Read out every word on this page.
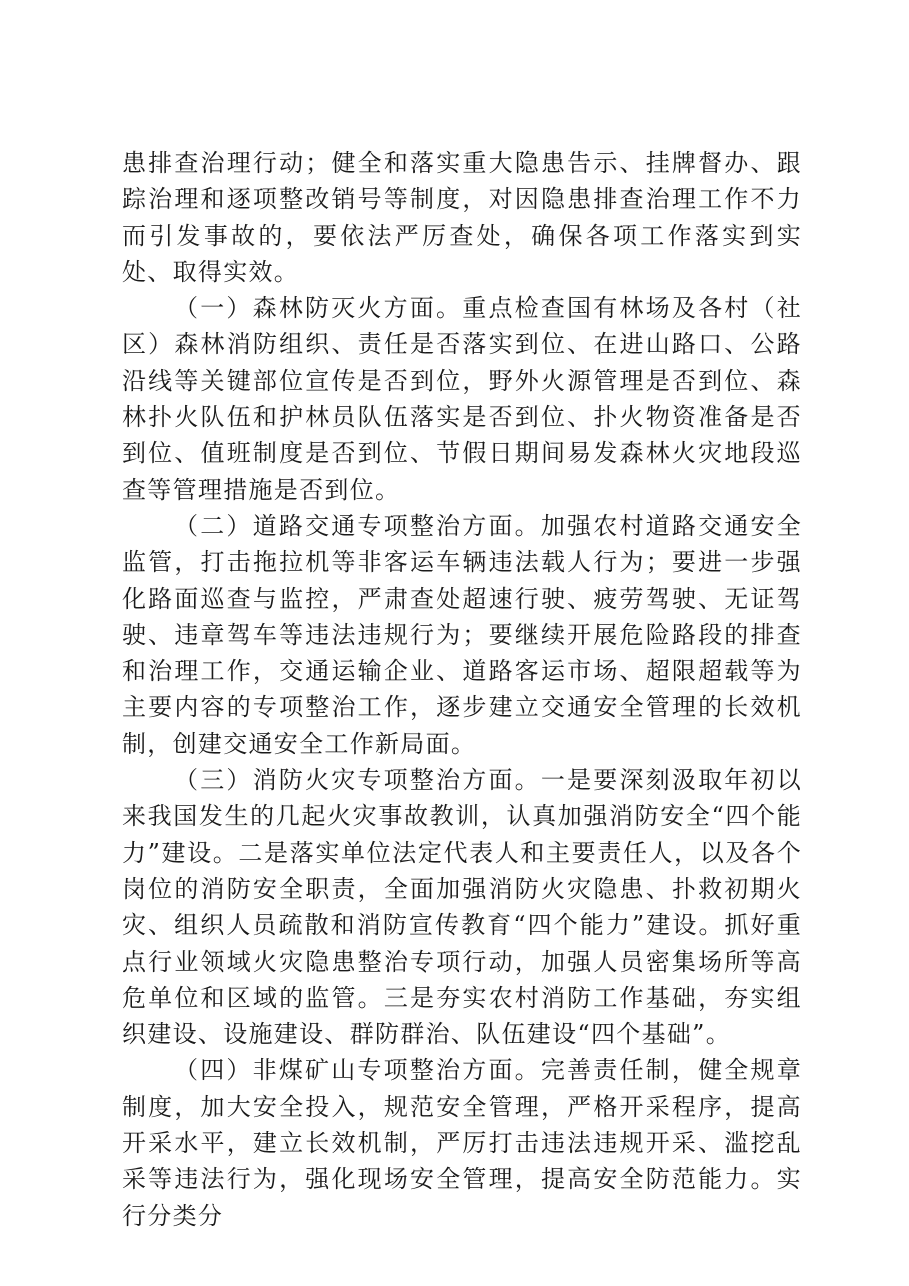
患排查治理行动；健全和落实重大隐患告示、挂牌督办、跟踪治理和逐项整改销号等制度，对因隐患排查治理工作不力而引发事故的，要依法严厉查处，确保各项工作落实到实处、取得实效。

（一）森林防灭火方面。重点检查国有林场及各村（社区）森林消防组织、责任是否落实到位、在进山路口、公路沿线等关键部位宣传是否到位，野外火源管理是否到位、森林扑火队伍和护林员队伍落实是否到位、扑火物资准备是否到位、值班制度是否到位、节假日期间易发森林火灾地段巡查等管理措施是否到位。

（二）道路交通专项整治方面。加强农村道路交通安全监管，打击拖拉机等非客运车辆违法载人行为；要进一步强化路面巡查与监控，严肃查处超速行驶、疲劳驾驶、无证驾驶、违章驾车等违法违规行为；要继续开展危险路段的排查和治理工作，交通运输企业、道路客运市场、超限超载等为主要内容的专项整治工作，逐步建立交通安全管理的长效机制，创建交通安全工作新局面。

（三）消防火灾专项整治方面。一是要深刻汲取年初以来我国发生的几起火灾事故教训，认真加强消防安全“四个能力”建设。二是落实单位法定代表人和主要责任人，以及各个岗位的消防安全职责，全面加强消防火灾隐患、扑救初期火灾、组织人员疏散和消防宣传教育“四个能力”建设。抓好重点行业领域火灾隐患整治专项行动，加强人员密集场所等高危单位和区域的监管。三是夯实农村消防工作基础，夯实组织建设、设施建设、群防群治、队伍建设“四个基础”。

（四）非煤矿山专项整治方面。完善责任制，健全规章制度，加大安全投入，规范安全管理，严格开采程序，提高开采水平，建立长效机制，严厉打击违法违规开采、滥挖乱采等违法行为，强化现场安全管理，提高安全防范能力。实行分类分
